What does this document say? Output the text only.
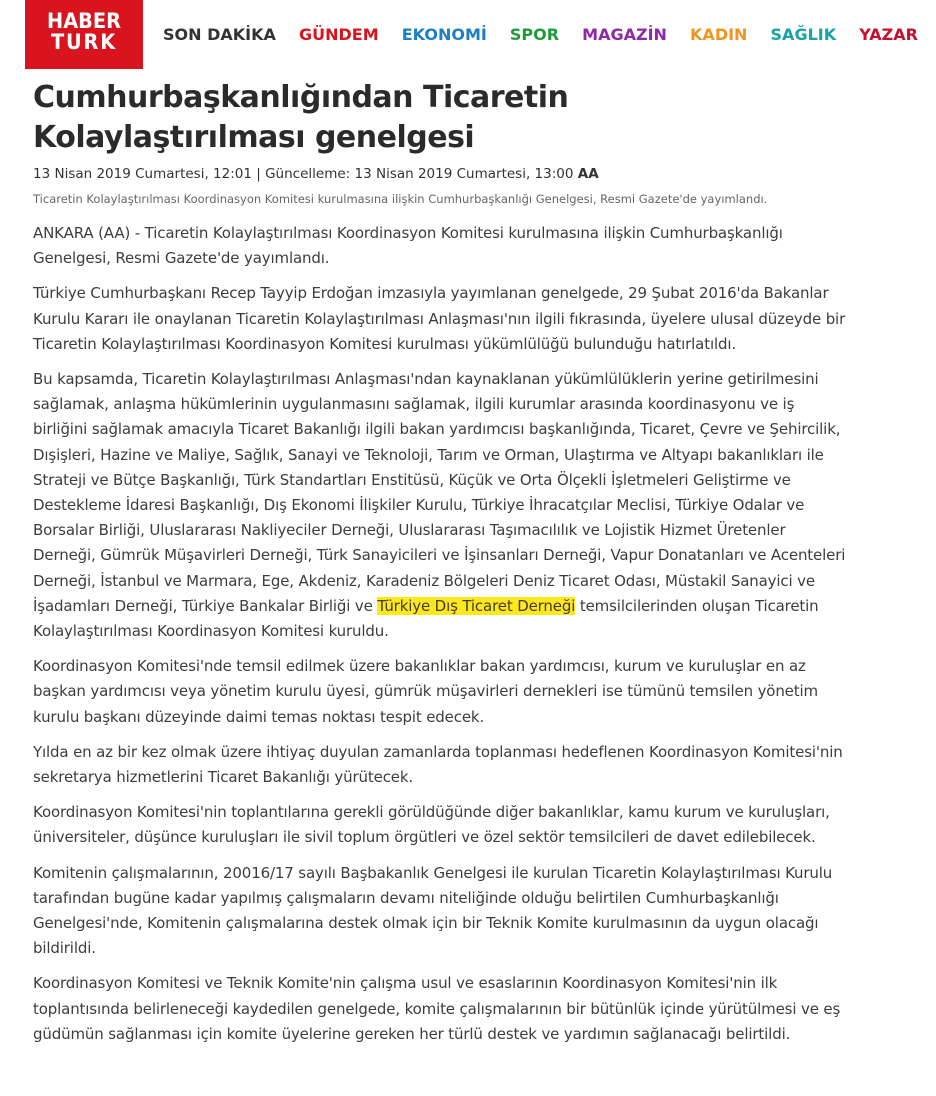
HABER
TURK	SON DAKİKA GÜNDEM EKONOMİ SPOR MAGAZİN KADIN SAĞLIK YAZAR
Cumhurbaşkanlığından Ticaretin Kolaylaştırılması genelgesi
13 Nisan 2019 Cumartesi, 12:01 | Güncelleme: 13 Nisan 2019 Cumartesi, 13:00 AA
Ticaretin Kolaylaştırılması Koordinasyon Komitesi kurulmasına ilişkin Cumhurbaşkanlığı Genelgesi, Resmi Gazete'de yayımlandı.

ANKARA (AA) - Ticaretin Kolaylaştırılması Koordinasyon Komitesi kurulmasına ilişkin Cumhurbaşkanlığı Genelgesi, Resmi Gazete'de yayımlandı.

Türkiye Cumhurbaşkanı Recep Tayyip Erdoğan imzasıyla yayımlanan genelgede, 29 Şubat 2016'da Bakanlar Kurulu Kararı ile onaylanan Ticaretin Kolaylaştırılması Anlaşması'nın ilgili fıkrasında, üyelere ulusal düzeyde bir Ticaretin Kolaylaştırılması Koordinasyon Komitesi kurulması yükümlülüğü bulunduğu hatırlatıldı.

Bu kapsamda, Ticaretin Kolaylaştırılması Anlaşması'ndan kaynaklanan yükümlülüklerin yerine getirilmesini sağlamak, anlaşma hükümlerinin uygulanmasını sağlamak, ilgili kurumlar arasında koordinasyonu ve iş birliğini sağlamak amacıyla Ticaret Bakanlığı ilgili bakan yardımcısı başkanlığında, Ticaret, Çevre ve Şehircilik, Dışişleri, Hazine ve Maliye, Sağlık, Sanayi ve Teknoloji, Tarım ve Orman, Ulaştırma ve Altyapı bakanlıkları ile Strateji ve Bütçe Başkanlığı, Türk Standartları Enstitüsü, Küçük ve Orta Ölçekli İşletmeleri Geliştirme ve Destekleme İdaresi Başkanlığı, Dış Ekonomi İlişkiler Kurulu, Türkiye İhracatçılar Meclisi, Türkiye Odalar ve Borsalar Birliği, Uluslararası Nakliyeciler Derneği, Uluslararası Taşımacılılık ve Lojistik Hizmet Üretenler Derneği, Gümrük Müşavirleri Derneği, Türk Sanayicileri ve İşinsanları Derneği, Vapur Donatanları ve Acenteleri Derneği, İstanbul ve Marmara, Ege, Akdeniz, Karadeniz Bölgeleri Deniz Ticaret Odası, Müstakil Sanayici ve İşadamları Derneği, Türkiye Bankalar Birliği ve Türkiye Dış Ticaret Derneği temsilcilerinden oluşan Ticaretin Kolaylaştırılması Koordinasyon Komitesi kuruldu.

Koordinasyon Komitesi'nde temsil edilmek üzere bakanlıklar bakan yardımcısı, kurum ve kuruluşlar en az başkan yardımcısı veya yönetim kurulu üyesi, gümrük müşavirleri dernekleri ise tümünü temsilen yönetim kurulu başkanı düzeyinde daimi temas noktası tespit edecek.

Yılda en az bir kez olmak üzere ihtiyaç duyulan zamanlarda toplanması hedeflenen Koordinasyon Komitesi'nin sekretarya hizmetlerini Ticaret Bakanlığı yürütecek.

Koordinasyon Komitesi'nin toplantılarına gerekli görüldüğünde diğer bakanlıklar, kamu kurum ve kuruluşları, üniversiteler, düşünce kuruluşları ile sivil toplum örgütleri ve özel sektör temsilcileri de davet edilebilecek.

Komitenin çalışmalarının, 20016/17 sayılı Başbakanlık Genelgesi ile kurulan Ticaretin Kolaylaştırılması Kurulu tarafından bugüne kadar yapılmış çalışmaların devamı niteliğinde olduğu belirtilen Cumhurbaşkanlığı Genelgesi'nde, Komitenin çalışmalarına destek olmak için bir Teknik Komite kurulmasının da uygun olacağı bildirildi.

Koordinasyon Komitesi ve Teknik Komite'nin çalışma usul ve esaslarının Koordinasyon Komitesi'nin ilk toplantısında belirleneceği kaydedilen genelgede, komite çalışmalarının bir bütünlük içinde yürütülmesi ve eş güdümün sağlanması için komite üyelerine gereken her türlü destek ve yardımın sağlanacağı belirtildi.
